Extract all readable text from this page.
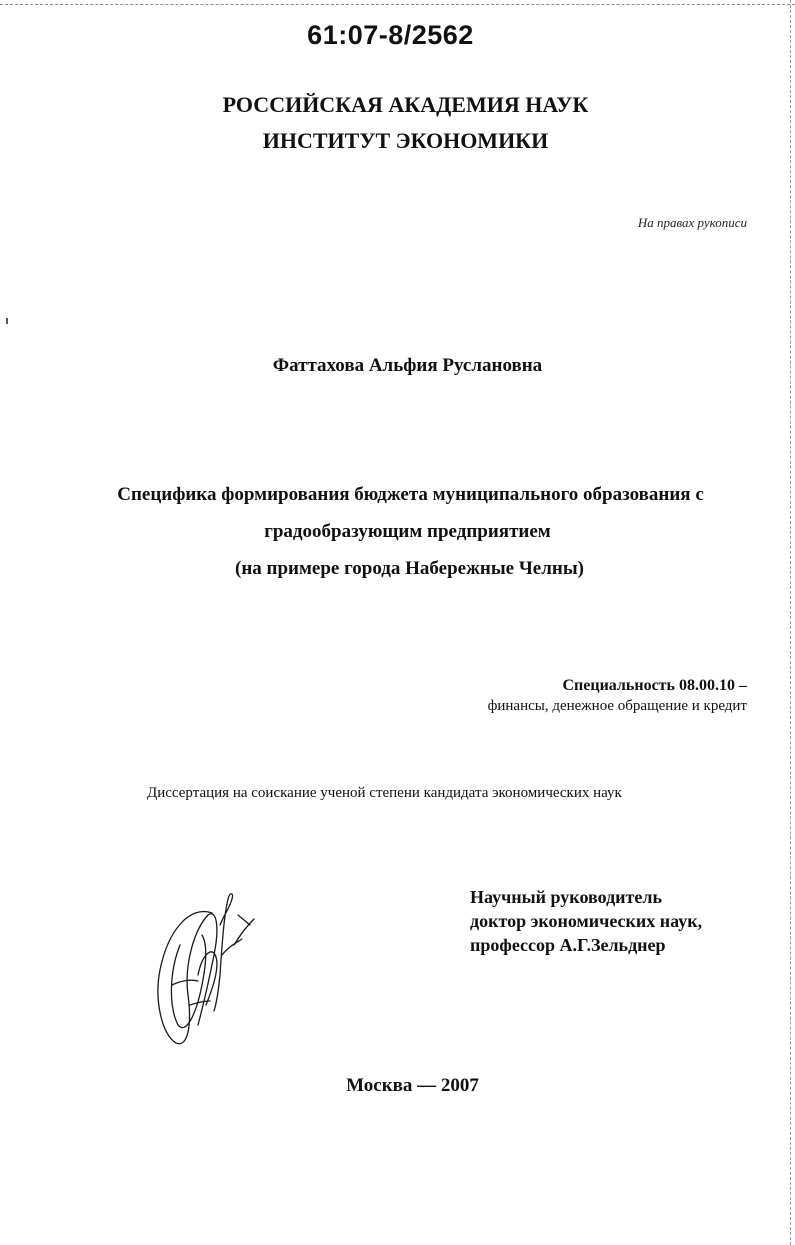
61:07-8/2562
РОССИЙСКАЯ АКАДЕМИЯ НАУК
ИНСТИТУТ ЭКОНОМИКИ
На правах рукописи
Фаттахова Альфия Руслановна
Специфика формирования бюджета муниципального образования с
градообразующим предприятием
(на примере города Набережные Челны)
Специальность 08.00.10 –
финансы, денежное обращение и кредит
Диссертация на соискание ученой степени кандидата экономических наук
Научный руководитель
доктор экономических наук,
профессор А.Г.Зельднер
Москва — 2007
